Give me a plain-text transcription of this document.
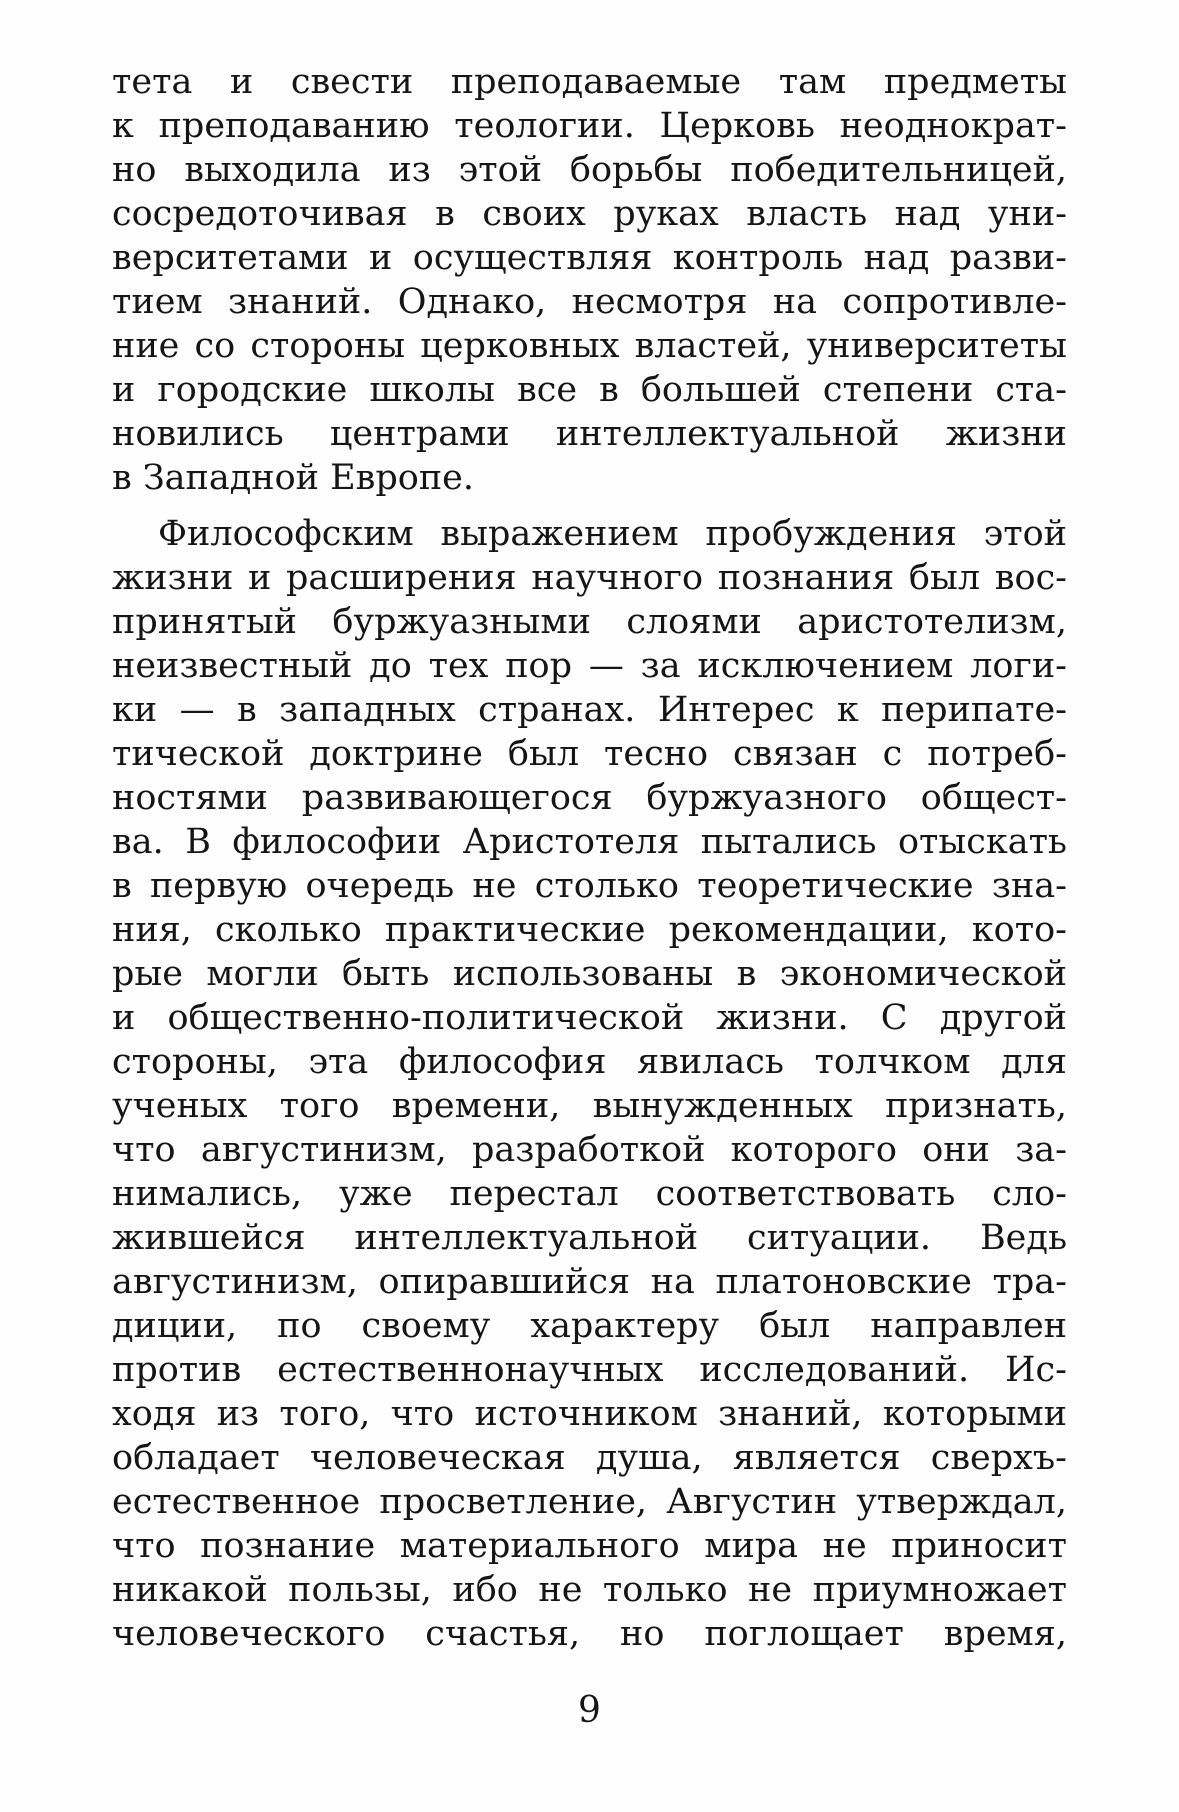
тета и свести преподаваемые там предметы
к преподаванию теологии. Церковь неоднократ-
но выходила из этой борьбы победительницей,
сосредоточивая в своих руках власть над уни-
верситетами и осуществляя контроль над разви-
тием знаний. Однако, несмотря на сопротивле-
ние со стороны церковных властей, университеты
и городские школы все в большей степени ста-
новились центрами интеллектуальной жизни
в Западной Европе.
Философским выражением пробуждения этой
жизни и расширения научного познания был вос-
принятый буржуазными слоями аристотелизм,
неизвестный до тех пор — за исключением логи-
ки — в западных странах. Интерес к перипате-
тической доктрине был тесно связан с потреб-
ностями развивающегося буржуазного общест-
ва. В философии Аристотеля пытались отыскать
в первую очередь не столько теоретические зна-
ния, сколько практические рекомендации, кото-
рые могли быть использованы в экономической
и общественно-политической жизни. С другой
стороны, эта философия явилась толчком для
ученых того времени, вынужденных признать,
что августинизм, разработкой которого они за-
нимались, уже перестал соответствовать сло-
жившейся интеллектуальной ситуации. Ведь
августинизм, опиравшийся на платоновские тра-
диции, по своему характеру был направлен
против естественнонаучных исследований. Ис-
ходя из того, что источником знаний, которыми
обладает человеческая душа, является сверхъ-
естественное просветление, Августин утверждал,
что познание материального мира не приносит
никакой пользы, ибо не только не приумножает
человеческого счастья, но поглощает время,
9
